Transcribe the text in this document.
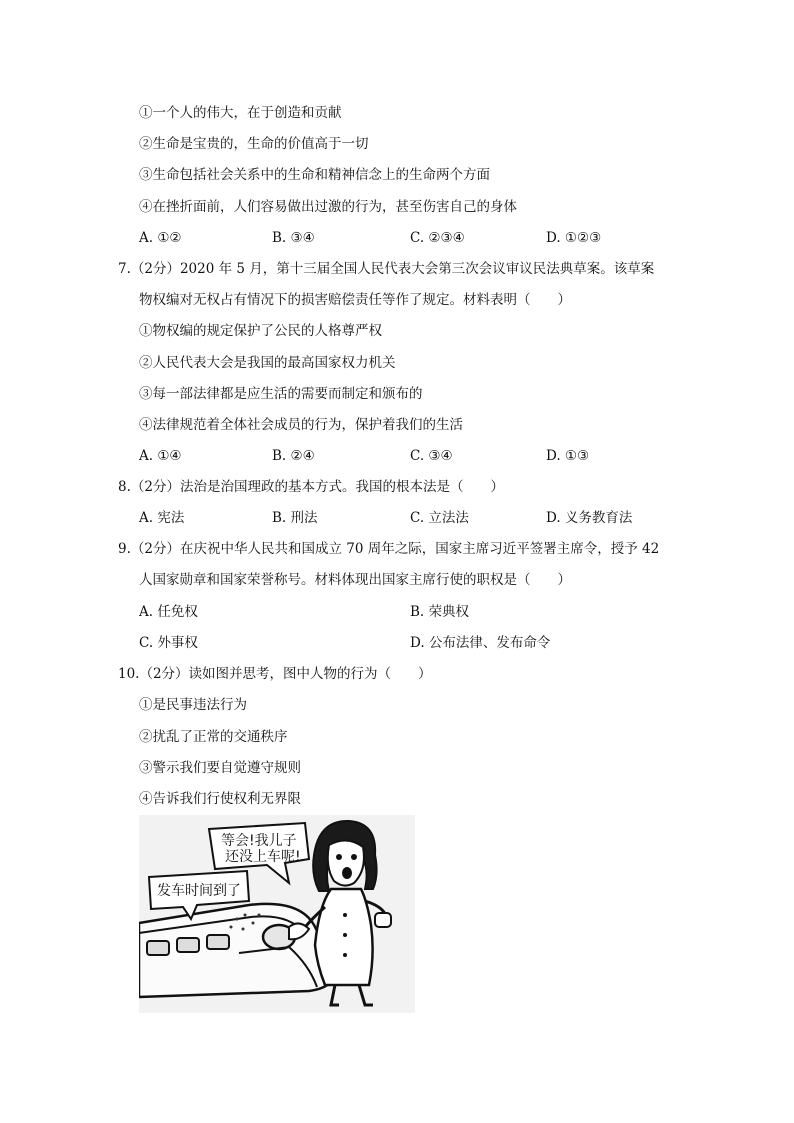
①一个人的伟大，在于创造和贡献
②生命是宝贵的，生命的价值高于一切
③生命包括社会关系中的生命和精神信念上的生命两个方面
④在挫折面前，人们容易做出过激的行为，甚至伤害自己的身体
A. ①②	B. ③④	C. ②③④	D. ①②③
7.（2分）2020 年 5 月，第十三届全国人民代表大会第三次会议审议民法典草案。该草案
物权编对无权占有情况下的损害赔偿责任等作了规定。材料表明（　　）
①物权编的规定保护了公民的人格尊严权
②人民代表大会是我国的最高国家权力机关
③每一部法律都是应生活的需要而制定和颁布的
④法律规范着全体社会成员的行为，保护着我们的生活
A. ①④	B. ②④	C. ③④	D. ①③
8.（2分）法治是治国理政的基本方式。我国的根本法是（　　）
A. 宪法	B. 刑法	C. 立法法	D. 义务教育法
9.（2分）在庆祝中华人民共和国成立 70 周年之际，国家主席习近平签署主席令，授予 42
人国家勋章和国家荣誉称号。材料体现出国家主席行使的职权是（　　）
A. 任免权	B. 荣典权
C. 外事权	D. 公布法律、发布命令
10.（2分）读如图并思考，图中人物的行为（　　）
①是民事违法行为
②扰乱了正常的交通秩序
③警示我们要自觉遵守规则
④告诉我们行使权利无界限
等会!我儿子
还没上车呢!
发车时间到了
